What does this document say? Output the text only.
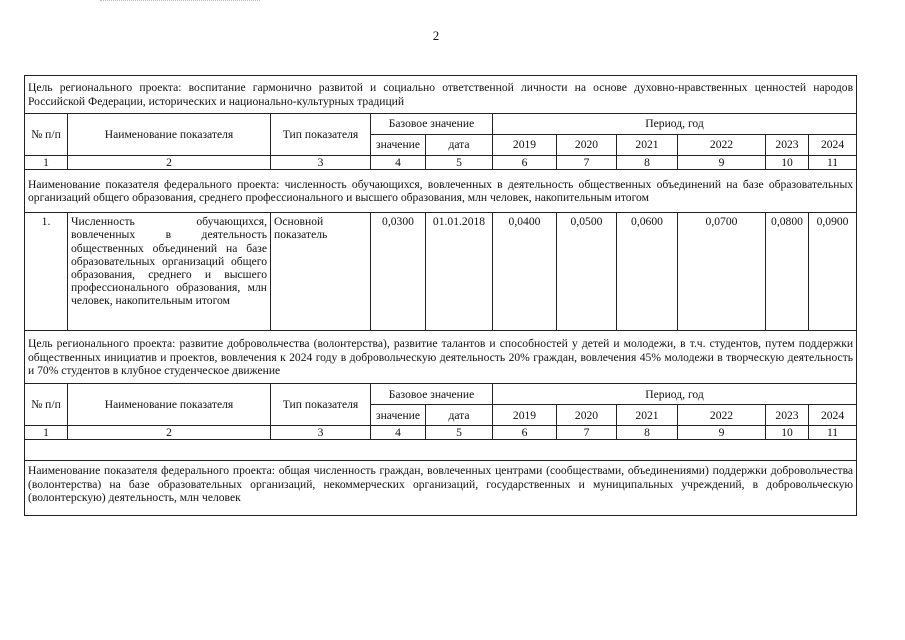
2
Цель регионального проекта: воспитание гармонично развитой и социально ответственной личности на основе духовно-нравственных ценностей народов Российской Федерации, исторических и национально-культурных традиций										
№ п/п	Наименование показателя	Тип показателя	Базовое значение		Период, год					
			значение	дата	2019	2020	2021	2022	2023	2024
1	2	3	4	5	6	7	8	9	10	11
Наименование показателя федерального проекта: численность обучающихся, вовлеченных в деятельность общественных объединений на базе образовательных организаций общего образования, среднего профессионального и высшего образования, млн человек, накопительным итогом										
1.	Численность обучающихся, вовлеченных в деятельность общественных объединений на базе образовательных организаций общего образования, среднего и высшего профессионального образования, млн человек, накопительным итогом	Основной показатель	0,0300	01.01.2018	0,0400	0,0500	0,0600	0,0700	0,0800	0,0900
Цель регионального проекта: развитие добровольчества (волонтерства), развитие талантов и способностей у детей и молодежи, в т.ч. студентов, путем поддержки общественных инициатив и проектов, вовлечения к 2024 году в добровольческую деятельность 20% граждан, вовлечения 45% молодежи в творческую деятельность и 70% студентов в клубное студенческое движение										
№ п/п	Наименование показателя	Тип показателя	Базовое значение		Период, год					
			значение	дата	2019	2020	2021	2022	2023	2024
1	2	3	4	5	6	7	8	9	10	11

Наименование показателя федерального проекта: общая численность граждан, вовлеченных центрами (сообществами, объединениями) поддержки добровольчества (волонтерства) на базе образовательных организаций, некоммерческих организаций, государственных и муниципальных учреждений, в добровольческую (волонтерскую) деятельность, млн человек										
